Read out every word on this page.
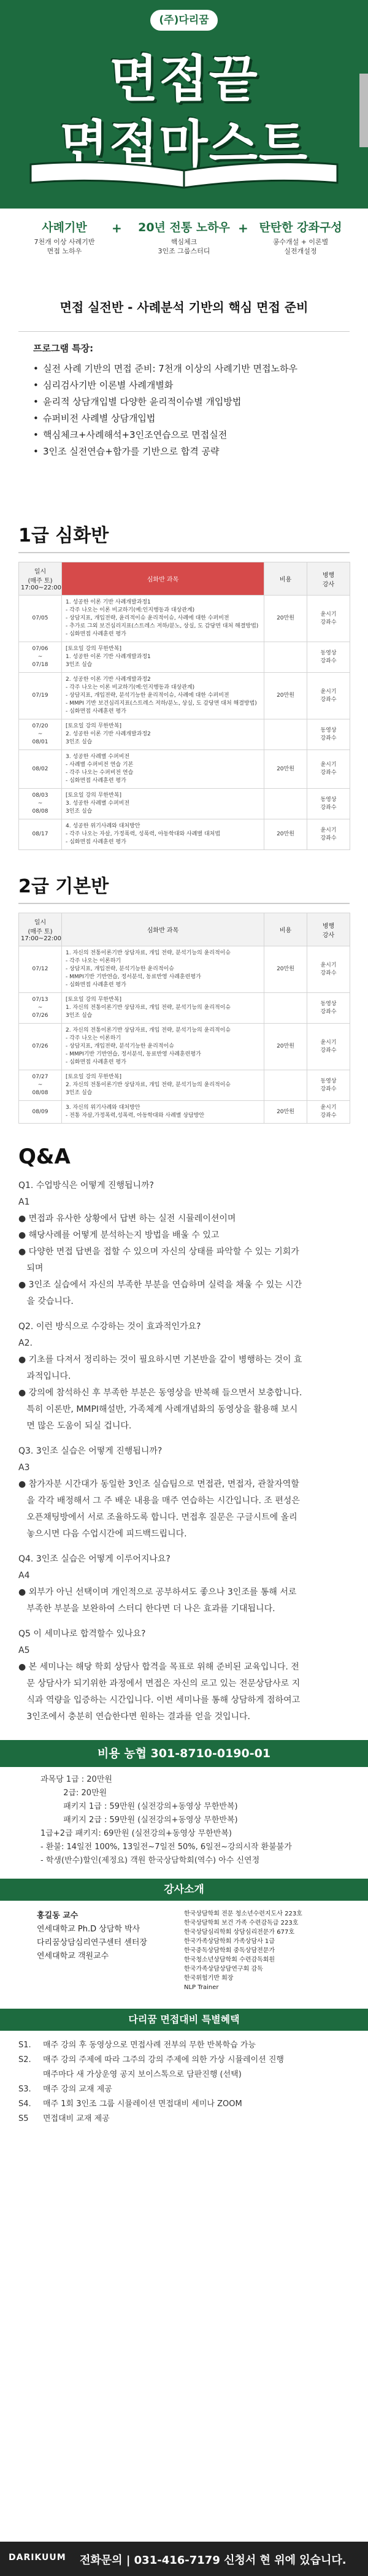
(주)다리꿈
면접끝
면접마스트
사례기반
7천개 이상 사례기반
면접 노하우
+	20년 전통 노하우
핵심체크
3인조 그룹스터디
+ 탄탄한 강좌구성
콩수개설 + 이론별
실전개설정
면접 실전반 - 사례분석 기반의 핵심 면접 준비
프로그램 특장:
• 실전 사례 기반의 면접 준비: 7천개 이상의 사례기반 면접노하우
• 심리검사기반 이론별 사례개별화
• 윤리적 상담개입별 다양한 윤리적이슈별 개입방법
• 슈퍼비전 사례별 상담개입법
• 핵심체크+사례해석+3인조연습으로 면접실전
• 3인조 실전연습+합가를 기반으로 합격 공략
1급 심화반
일시
(매주 토)
17:00~22:00	심화반 과목	비용	병행
강사
07/05	1. 성공한 이론 기반 사례개발과정1
- 각주 나오는 이론 비교하기(예:인지행동과 대상관계)
- 상담지표, 개입전략, 윤리적이슈 윤리적이슈, 사례에 대한 수퍼비전
- 추가로 그외 보건심리지표(스트레스 저하/분노, 상실, 도 감당면 대처 해결방법)
- 심화면접 사례훈련 평가	20만원	윤시기
강좌수
07/06
~
07/18	[토요일 강의 무한반복]
1. 성공한 이론 기반 사례개발과정1
3인조 실습		동영상
강좌수
07/19	2. 성공한 이론 기반 사례개발과정2
- 각주 나오는 이론 비교하기(예:인지행동과 대상관계)
- 상담지표, 개입전략, 분석기능한 윤리적이슈, 사례에 대한 수퍼비전
- MMPI 기반 보건심리지표(스트레스 저하/분노, 상실, 도 감당면 대처 해결방법)
- 심화면접 사례훈련 평가	20만원	윤시기
강좌수
07/20
~
08/01	[토요일 강의 무한반복]
2. 성공한 이론 기반 사례개발과정2
3인조 실습		동영상
강좌수
08/02	3. 성공한 사례별 수퍼비전
- 사례별 수퍼비전 연습 기본
- 각주 나오는 수퍼비전 연습
- 심화면접 사례훈련 평가	20만원	윤시기
강좌수
08/03
~
08/08	[토요일 강의 무한반복]
3. 성공한 사례별 수퍼비전
3인조 실습		동영상
강좌수
08/17	4. 성공한 위기사례와 대처방안
- 각주 나오는 자살, 가정폭력, 성폭력, 아동학대와 사례별 대처법
- 심화면접 사례훈련 평가	20만원	윤시기
강좌수
2급 기본반
일시
(매주 토)
17:00~22:00	심화반 과목	비용	병행
강사
07/12	1. 자신의 전통이론기반 상담자료, 개입 전략, 분석기능의 윤리적이슈
- 각주 나오는 이론하기
- 상담지표, 개입전략, 분석기능한 윤리적이슈
- MMPI기반 기반연습, 정서분석, 동료반영 사례훈련평가
- 심화면접 사례훈련 평가	20만원	윤시기
강좌수
07/13
~
07/26	[토요일 강의 무한반복]
1. 자신의 전통이론기반 상담자료, 개입 전략, 분석기능의 윤리적이슈
3인조 실습		동영상
강좌수
07/26	2. 자신의 전통이론기반 상담자료, 개입 전략, 분석기능의 윤리적이슈
- 각주 나오는 이론하기
- 상담지표, 개입전략, 분석기능한 윤리적이슈
- MMPI기반 기반연습, 정서분석, 동료반영 사례훈련평가
- 심화면접 사례훈련 평가	20만원	윤시기
강좌수
07/27
~
08/08	[토요일 강의 무한반복]
2. 자신의 전통이론기반 상담자료, 개입 전략, 분석기능의 윤리적이슈
3인조 실습		동영상
강좌수
08/09	3. 자신의 위기사례와 대처방안
- 전통 자살,가정폭력,성폭력, 아동학대와 사례별 상담방안	20만원	윤시기
강좌수
Q&A
Q1. 수업방식은 어떻게 진행됩니까?
A1
● 면접과 유사한 상황에서 답변 하는 실전 시뮬레이션이며
● 해당사례를 어떻게 분석하는지 방법을 배울 수 있고
● 다양한 면접 답변을 접할 수 있으며 자신의 상태를 파악할 수 있는 기회가
되며
● 3인조 실습에서 자신의 부족한 부분을 연습하며 실력을 채울 수 있는 시간
을 갖습니다.
Q2. 이런 방식으로 수강하는 것이 효과적인가요?
A2.
● 기초를 다져서 정리하는 것이 필요하시면 기본반을 같이 병행하는 것이 효
과적입니다.
● 강의에 참석하신 후 부족한 부분은 동영상을 반복해 들으면서 보충합니다.
특히 이론반, MMPI해설반, 가족체계 사례개념화의 동영상을 활용해 보시
면 많은 도움이 되실 겁니다.
Q3. 3인조 실습은 어떻게 진행됩니까?
A3
● 참가자분 시간대가 동일한 3인조 실습팀으로 면접관, 면접자, 관찰자역할
을 각각 배정해서 그 주 배운 내용을 매주 연습하는 시간입니다. 조 편성은
오픈채팅방에서 서로 조율하도록 합니다. 면접후 질문은 구글시트에 올리
놓으시면 다음 수업시간에 피드백드립니다.
Q4. 3인조 실습은 어떻게 이루어지나요?
A4
● 외부가 아닌 선택이며 개인적으로 공부하셔도 좋으나 3인조를 통해 서로
부족한 부분을 보완하여 스터디 한다면 더 나은 효과를 기대됩니다.
Q5 이 세미나로 합격할수 있나요?
A5
● 본 세미나는 해당 학회 상담사 합격을 목표로 위해 준비된 교육입니다. 전
문 상담사가 되기위한 과정에서 면접은 자신의 로고 있는 전문상담사로 지
식과 역량을 입증하는 시간입니다. 이번 세미나를 통해 상담하게 점하여고
3인조에서 충분히 연습한다면 원하는 결과를 얻을 것입니다.
비용 농협 301-8710-0190-01
과목당 1급 : 20만원
2급: 20만원
패키지 1급 : 59만원 (실전강의+동영상 무한반복)
패키지 2급 : 59만원 (실전강의+동영상 무한반복)
1급+2급 패키지: 69만원 (실전강의+동영상 무한반복)
- 환불: 14일전 100%, 13일전~7일전 50%, 6일전~강의시작 환불불가
- 학생(반수)할인(제정요) 객원 한국상담학회(역수) 아수 신연정
강사소개
홍길동 교수
연세대학교 Ph.D 상담학 박사
다리꿈상담심리연구센터 센터장
연세대학교 객원교수
한국상담학회 전문 청소년수련지도사 223호
한국상담학회 보건 가족 수련감독급 223호
한국상담심리학회 상담심리전문가 677호
한국가족상담학회 가족상담사 1급
한국중독상담학회 중독상담전문가
한국청소년상담학회 수련감독회원
한국가족상담상담연구회 감독
한국위험기반 회장
NLP Trainer
다리꿈 면접대비 특별혜택
S1.	매주 강의 후 동영상으로 면접사례 전부의 무한 반복학습 가능
S2.	매주 강의 주제에 따라 그주의 강의 주제에 의한 가상 시뮬레이션 진행
매주마다 새 가상운영 공지 보이스톡으로 담판진행 (선택)
S3.	매주 강의 교재 제공
S4.	매주 1회 3인조 그룹 시뮬레이션 면접대비 세미나 ZOOM
S5	면접대비 교재 제공
DARIKUUM 전화문의 | 031-416-7179 신청서 현 위에 있습니다.
